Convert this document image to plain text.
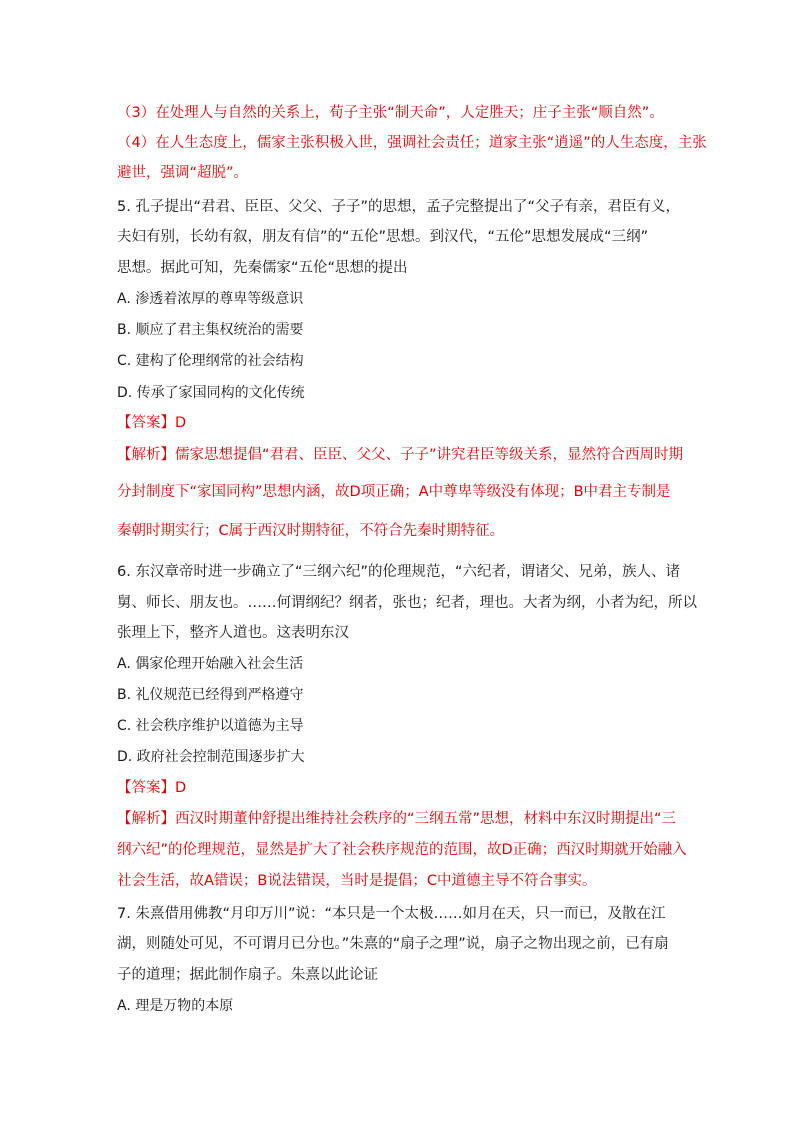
（3）在处理人与自然的关系上，荀子主张“制天命”，人定胜天；庄子主张“顺自然”。
（4）在人生态度上，儒家主张积极入世，强调社会责任；道家主张“逍遥”的人生态度，主张
避世，强调“超脱”。
5. 孔子提出“君君、臣臣、父父、子子”的思想，孟子完整提出了“父子有亲，君臣有义，
夫妇有别，长幼有叙，朋友有信”的“五伦”思想。到汉代，“五伦”思想发展成“三纲”
思想。据此可知，先秦儒家“五伦“思想的提出
A. 渗透着浓厚的尊卑等级意识
B. 顺应了君主集权统治的需要
C. 建构了伦理纲常的社会结构
D. 传承了家国同构的文化传统
【答案】D
【解析】儒家思想提倡“君君、臣臣、父父、子子”讲究君臣等级关系，显然符合西周时期
分封制度下“家国同构”思想内涵，故D项正确；A中尊卑等级没有体现；B中君主专制是
秦朝时期实行；C属于西汉时期特征，不符合先秦时期特征。
6. 东汉章帝时进一步确立了“三纲六纪”的伦理规范，“六纪者，谓诸父、兄弟，族人、诸
舅、师长、朋友也。……何谓纲纪？纲者，张也；纪者，理也。大者为纲，小者为纪，所以
张理上下，整齐人道也。这表明东汉
A. 偶家伦理开始融入社会生活
B. 礼仪规范已经得到严格遵守
C. 社会秩序维护以道德为主导
D. 政府社会控制范围逐步扩大
【答案】D
【解析】西汉时期董仲舒提出维持社会秩序的“三纲五常”思想，材料中东汉时期提出“三
纲六纪”的伦理规范，显然是扩大了社会秩序规范的范围，故D正确；西汉时期就开始融入
社会生活，故A错误；B说法错误，当时是提倡；C中道德主导不符合事实。
7. 朱熹借用佛教“月印万川”说：“本只是一个太极……如月在天，只一而已，及散在江
湖，则随处可见，不可谓月已分也。”朱熹的“扇子之理”说，扇子之物出现之前，已有扇
子的道理；据此制作扇子。朱熹以此论证
A. 理是万物的本原
